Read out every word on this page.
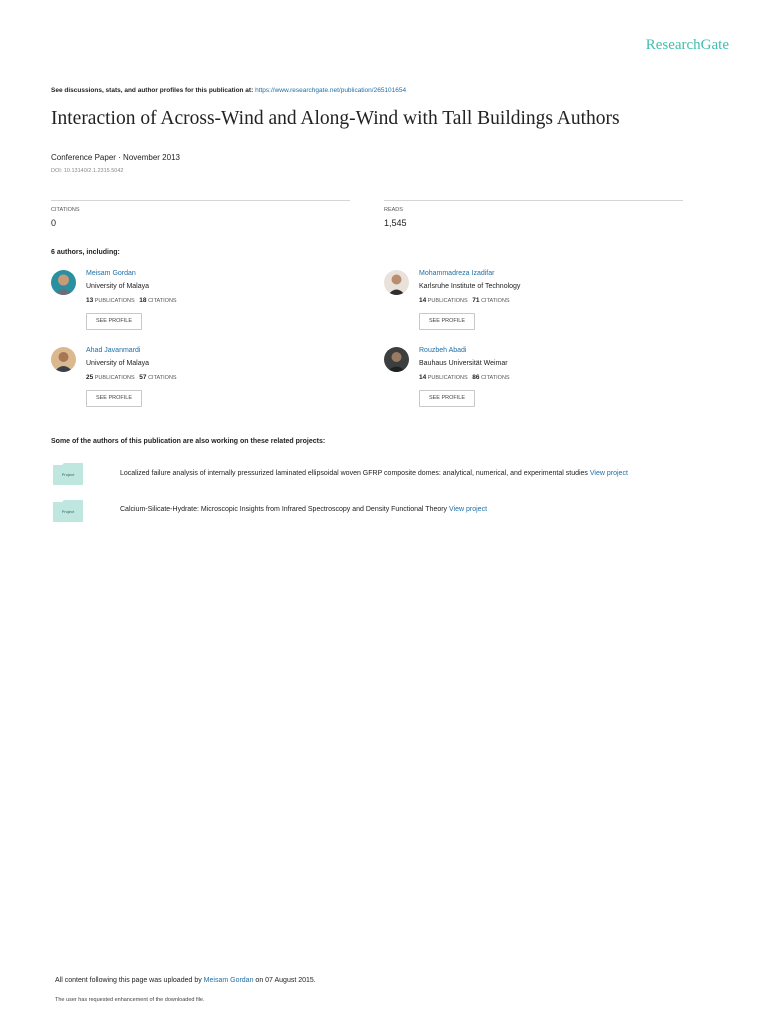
ResearchGate
See discussions, stats, and author profiles for this publication at: https://www.researchgate.net/publication/265101654
Interaction of Across-Wind and Along-Wind with Tall Buildings Authors
Conference Paper · November 2013
DOI: 10.13140/2.1.2315.5042
CITATIONS
0
READS
1,545
6 authors, including:
Meisam Gordan
University of Malaya
13 PUBLICATIONS 18 CITATIONS
SEE PROFILE
Mohammadreza Izadifar
Karlsruhe Institute of Technology
14 PUBLICATIONS 71 CITATIONS
SEE PROFILE
Ahad Javanmardi
University of Malaya
25 PUBLICATIONS 57 CITATIONS
SEE PROFILE
Rouzbeh Abadi
Bauhaus Universität Weimar
14 PUBLICATIONS 86 CITATIONS
SEE PROFILE
Some of the authors of this publication are also working on these related projects:
Project	Localized failure analysis of internally pressurized laminated ellipsoidal woven GFRP composite domes: analytical, numerical, and experimental studies View project
Project	Calcium-Silicate-Hydrate: Microscopic Insights from Infrared Spectroscopy and Density Functional Theory View project
All content following this page was uploaded by Meisam Gordan on 07 August 2015.
The user has requested enhancement of the downloaded file.
